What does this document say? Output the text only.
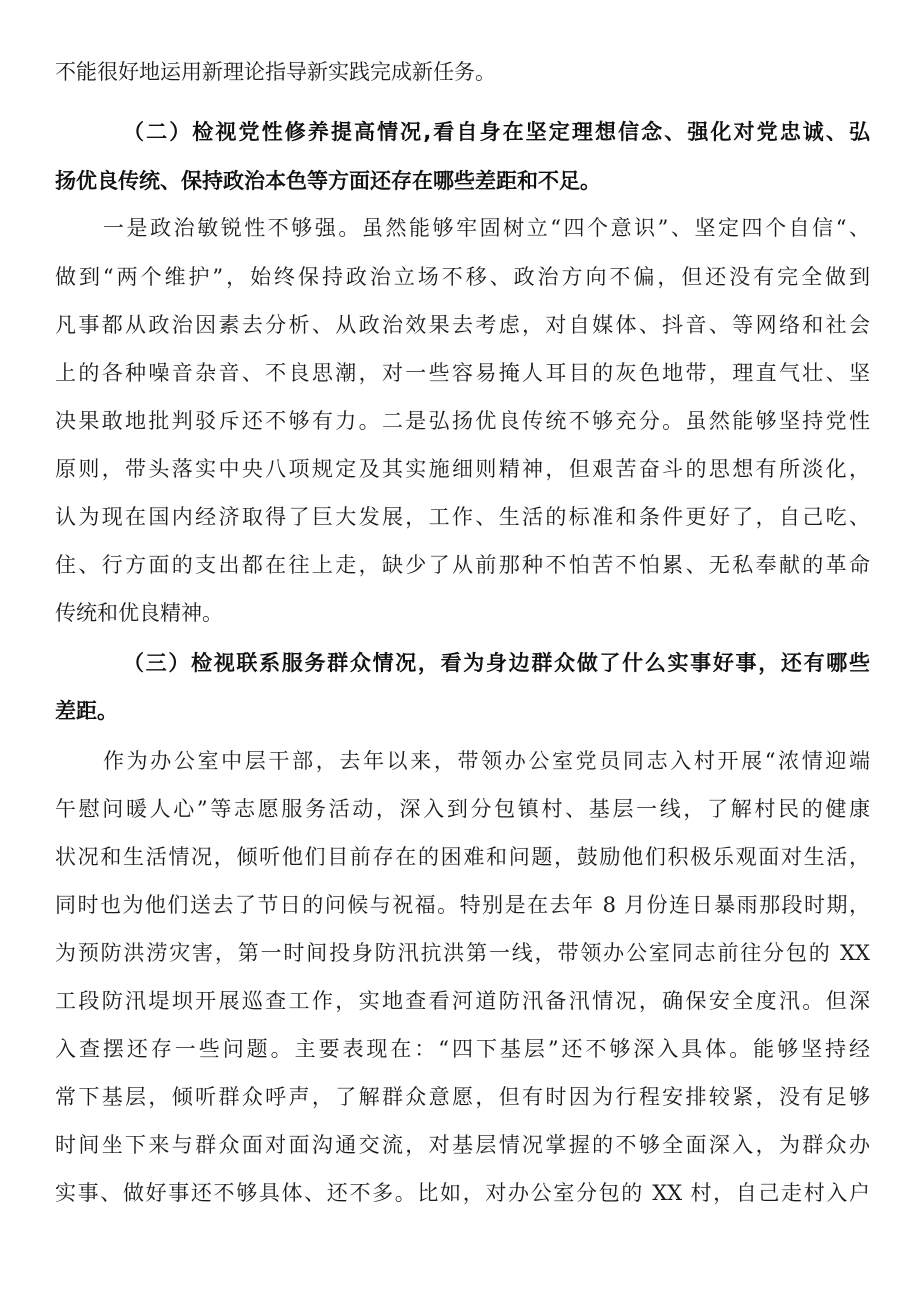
不能很好地运用新理论指导新实践完成新任务。
（二）检视党性修养提高情况,看自身在坚定理想信念、强化对党忠诚、弘
扬优良传统、保持政治本色等方面还存在哪些差距和不足。
一是政治敏锐性不够强。虽然能够牢固树立“四个意识”、坚定四个自信“、
做到“两个维护”，始终保持政治立场不移、政治方向不偏，但还没有完全做到
凡事都从政治因素去分析、从政治效果去考虑，对自媒体、抖音、等网络和社会
上的各种噪音杂音、不良思潮，对一些容易掩人耳目的灰色地带，理直气壮、坚
决果敢地批判驳斥还不够有力。二是弘扬优良传统不够充分。虽然能够坚持党性
原则，带头落实中央八项规定及其实施细则精神，但艰苦奋斗的思想有所淡化，
认为现在国内经济取得了巨大发展，工作、生活的标准和条件更好了，自己吃、
住、行方面的支出都在往上走，缺少了从前那种不怕苦不怕累、无私奉献的革命
传统和优良精神。
（三）检视联系服务群众情况，看为身边群众做了什么实事好事，还有哪些
差距。
作为办公室中层干部，去年以来，带领办公室党员同志入村开展“浓情迎端
午慰问暖人心”等志愿服务活动，深入到分包镇村、基层一线，了解村民的健康
状况和生活情况，倾听他们目前存在的困难和问题，鼓励他们积极乐观面对生活，
同时也为他们送去了节日的问候与祝福。特别是在去年 8 月份连日暴雨那段时期，
为预防洪涝灾害，第一时间投身防汛抗洪第一线，带领办公室同志前往分包的 XX
工段防汛堤坝开展巡查工作，实地查看河道防汛备汛情况，确保安全度汛。但深
入查摆还存一些问题。主要表现在：“四下基层”还不够深入具体。能够坚持经
常下基层，倾听群众呼声，了解群众意愿，但有时因为行程安排较紧，没有足够
时间坐下来与群众面对面沟通交流，对基层情况掌握的不够全面深入，为群众办
实事、做好事还不够具体、还不多。比如，对办公室分包的 XX 村，自己走村入户
